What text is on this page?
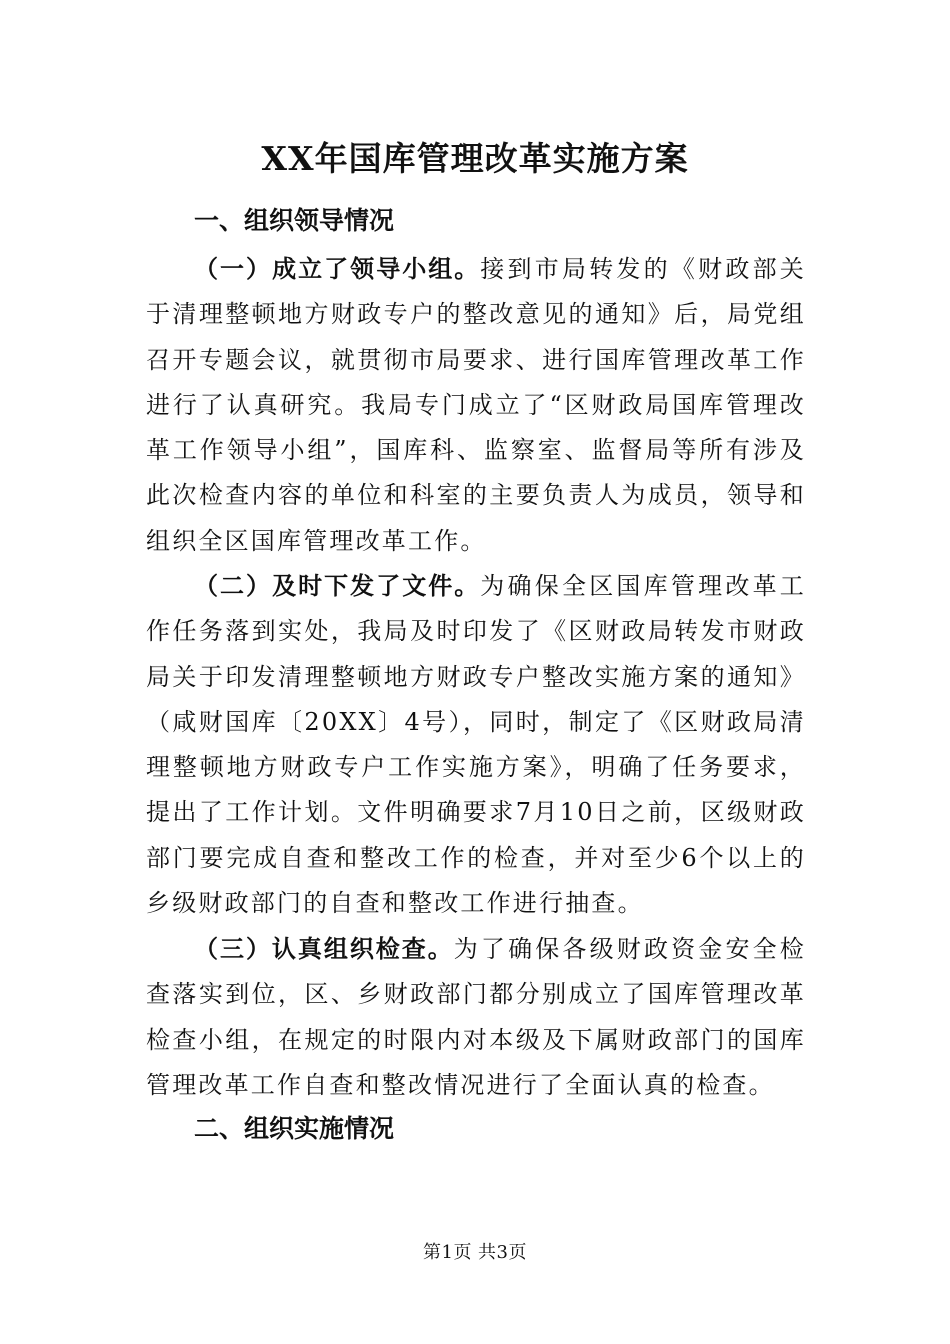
XX年国库管理改革实施方案
一、组织领导情况

（一）成立了领导小组。接到市局转发的《财政部关于清理整顿地方财政专户的整改意见的通知》后，局党组召开专题会议，就贯彻市局要求、进行国库管理改革工作进行了认真研究。我局专门成立了“区财政局国库管理改革工作领导小组”，国库科、监察室、监督局等所有涉及此次检查内容的单位和科室的主要负责人为成员，领导和组织全区国库管理改革工作。

（二）及时下发了文件。为确保全区国库管理改革工作任务落到实处，我局及时印发了《区财政局转发市财政局关于印发清理整顿地方财政专户整改实施方案的通知》（咸财国库〔20XX〕4号），同时，制定了《区财政局清理整顿地方财政专户工作实施方案》，明确了任务要求，提出了工作计划。文件明确要求7月10日之前，区级财政部门要完成自查和整改工作的检查，并对至少6个以上的乡级财政部门的自查和整改工作进行抽查。

（三）认真组织检查。为了确保各级财政资金安全检查落实到位，区、乡财政部门都分别成立了国库管理改革检查小组，在规定的时限内对本级及下属财政部门的国库管理改革工作自查和整改情况进行了全面认真的检查。

二、组织实施情况
第1页 共3页
